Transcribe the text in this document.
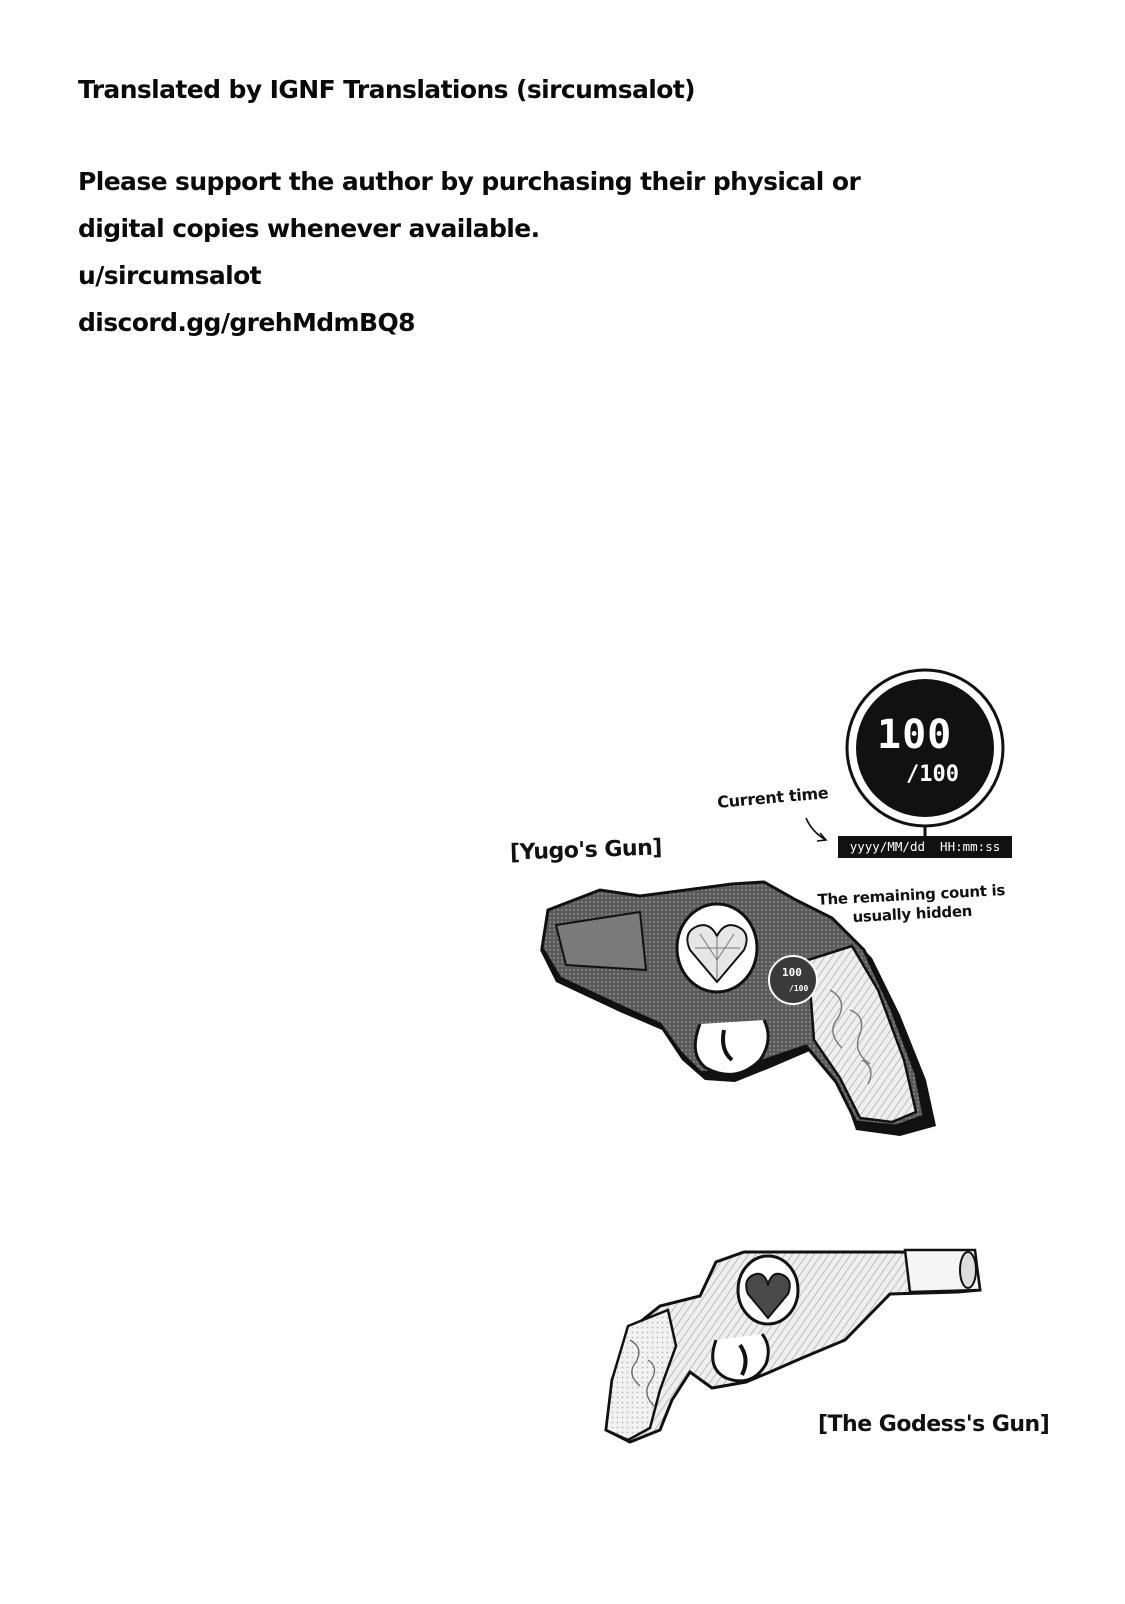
Translated by IGNF Translations (sircumsalot)
Please support the author by purchasing their physical or
digital copies whenever available.
u/sircumsalot
discord.gg/grehMdmBQ8
100
/100
yyyy/MM/dd  HH:mm:ss
Current time
[Yugo's Gun]
The remaining count is
usually hidden
100
/100
[The Godess's Gun]
